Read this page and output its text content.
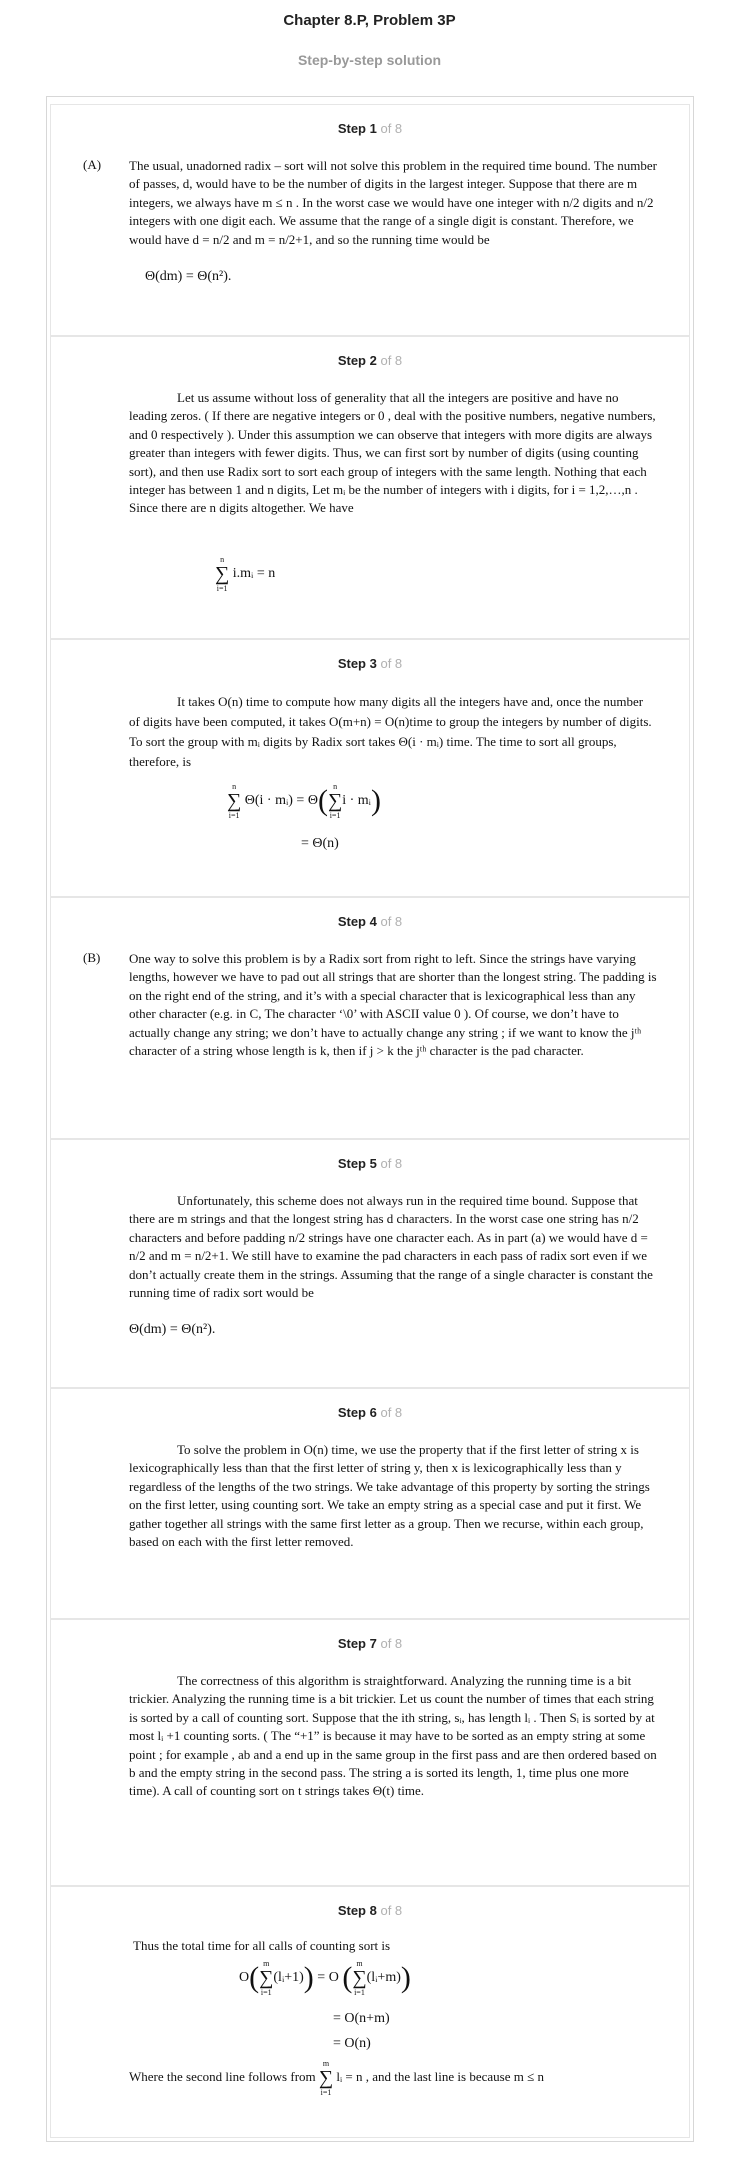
Chapter 8.P, Problem 3P
Step-by-step solution
Step 1 of 8
(A) The usual, unadorned radix – sort will not solve this problem in the required time bound. The number of passes, d, would have to be the number of digits in the largest integer. Suppose that there are m integers, we always have m ≤ n . In the worst case we would have one integer with n/2 digits and n/2 integers with one digit each. We assume that the range of a single digit is constant. Therefore, we would have d = n/2 and m = n/2+1, and so the running time would be
Θ(dm) = Θ(n²).
Step 2 of 8
Let us assume without loss of generality that all the integers are positive and have no leading zeros. ( If there are negative integers or 0 , deal with the positive numbers, negative numbers, and 0 respectively ). Under this assumption we can observe that integers with more digits are always greater than integers with fewer digits. Thus, we can first sort by number of digits (using counting sort), and then use Radix sort to sort each group of integers with the same length. Nothing that each integer has between 1 and n digits, Let mᵢ be the number of integers with i digits, for i = 1,2,…,n . Since there are n digits altogether. We have
n
∑
i=1
i.mᵢ = n
Step 3 of 8
It takes O(n) time to compute how many digits all the integers have and, once the number of digits have been computed, it takes O(m+n) = O(n)time to group the integers by number of digits. To sort the group with mᵢ digits by Radix sort takes Θ(i · mᵢ) time. The time to sort all groups, therefore, is
n
∑
i=1
Θ(i · mᵢ) = Θ( n
∑
i=1
i · mᵢ)
= Θ(n)
Step 4 of 8
(B) One way to solve this problem is by a Radix sort from right to left. Since the strings have varying lengths, however we have to pad out all strings that are shorter than the longest string. The padding is on the right end of the string, and it’s with a special character that is lexicographical less than any other character (e.g. in C, The character ‘\0’ with ASCII value 0 ). Of course, we don’t have to actually change any string; we don’t have to actually change any string ; if we want to know the jᵗʰ character of a string whose length is k, then if j > k the jᵗʰ character is the pad character.
Step 5 of 8
Unfortunately, this scheme does not always run in the required time bound. Suppose that there are m strings and that the longest string has d characters. In the worst case one string has n/2 characters and before padding n/2 strings have one character each. As in part (a) we would have d = n/2 and m = n/2+1. We still have to examine the pad characters in each pass of radix sort even if we don’t actually create them in the strings. Assuming that the range of a single character is constant the running time of radix sort would be
Θ(dm) = Θ(n²).
Step 6 of 8
To solve the problem in O(n) time, we use the property that if the first letter of string x is lexicographically less than that the first letter of string y, then x is lexicographically less than y regardless of the lengths of the two strings. We take advantage of this property by sorting the strings on the first letter, using counting sort. We take an empty string as a special case and put it first. We gather together all strings with the same first letter as a group. Then we recurse, within each group, based on each with the first letter removed.
Step 7 of 8
The correctness of this algorithm is straightforward. Analyzing the running time is a bit trickier. Analyzing the running time is a bit trickier. Let us count the number of times that each string is sorted by a call of counting sort. Suppose that the ith string, sᵢ, has length lᵢ . Then Sᵢ is sorted by at most lᵢ +1 counting sorts. ( The “+1” is because it may have to be sorted as an empty string at some point ; for example , ab and a end up in the same group in the first pass and are then ordered based on b and the empty string in the second pass. The string a is sorted its length, 1, time plus one more time). A call of counting sort on t strings takes Θ(t) time.
Step 8 of 8
Thus the total time for all calls of counting sort is
O( m
∑
i=1
(lᵢ+1)) = O ( m
∑
i=1
(lᵢ+m))
= O(n+m)
= O(n)
Where the second line follows from
m
∑
i=1
lᵢ = n , and the last line is because m ≤ n
